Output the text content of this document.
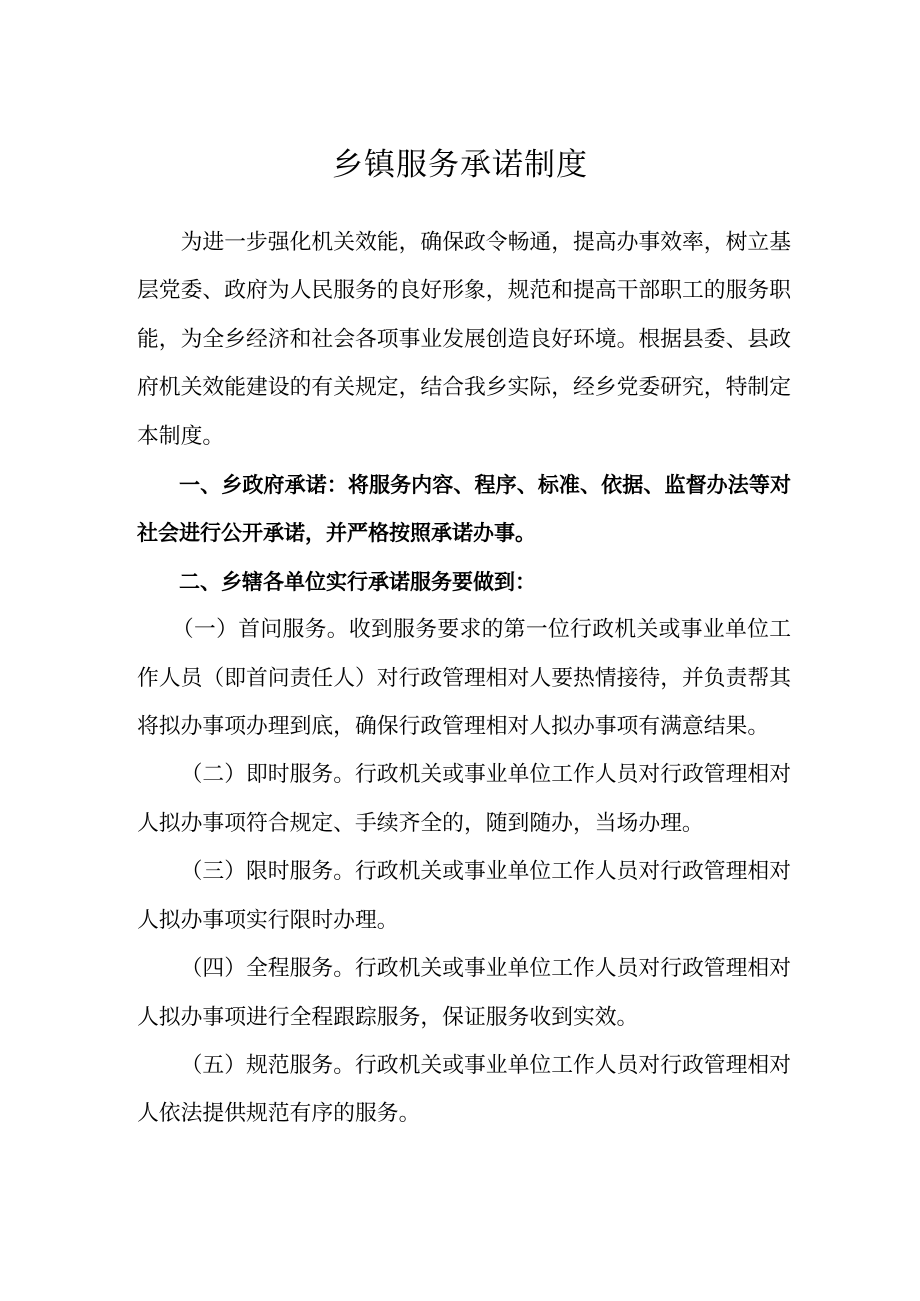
乡镇服务承诺制度

为进一步强化机关效能，确保政令畅通，提高办事效率，树立基层党委、政府为人民服务的良好形象，规范和提高干部职工的服务职能，为全乡经济和社会各项事业发展创造良好环境。根据县委、县政府机关效能建设的有关规定，结合我乡实际，经乡党委研究，特制定本制度。

一、乡政府承诺：将服务内容、程序、标准、依据、监督办法等对社会进行公开承诺，并严格按照承诺办事。

二、乡辖各单位实行承诺服务要做到：

（一）首问服务。收到服务要求的第一位行政机关或事业单位工作人员（即首问责任人）对行政管理相对人要热情接待，并负责帮其将拟办事项办理到底，确保行政管理相对人拟办事项有满意结果。

（二）即时服务。行政机关或事业单位工作人员对行政管理相对人拟办事项符合规定、手续齐全的，随到随办，当场办理。

（三）限时服务。行政机关或事业单位工作人员对行政管理相对人拟办事项实行限时办理。

（四）全程服务。行政机关或事业单位工作人员对行政管理相对人拟办事项进行全程跟踪服务，保证服务收到实效。

（五）规范服务。行政机关或事业单位工作人员对行政管理相对人依法提供规范有序的服务。
